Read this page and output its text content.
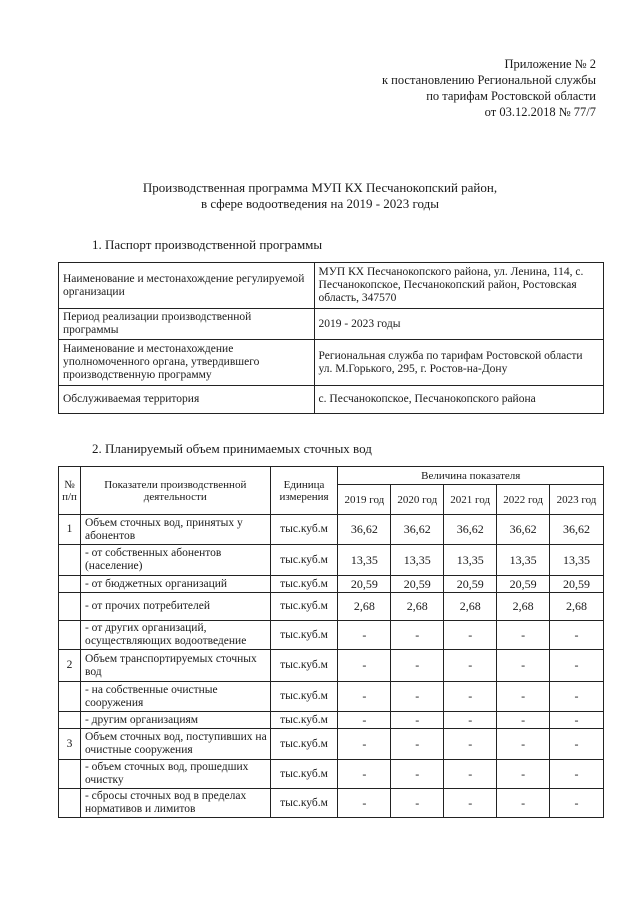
Приложение № 2
к постановлению Региональной службы
по тарифам Ростовской области
от 03.12.2018 № 77/7
Производственная программа МУП КХ Песчанокопский район,
в сфере водоотведения на 2019 - 2023 годы
1. Паспорт производственной программы
Наименование и местонахождение регулируемой организации	МУП КХ Песчанокопского района, ул. Ленина, 114, с. Песчанокопское, Песчанокопский район, Ростовская область, 347570
Период реализации производственной программы	2019 - 2023 годы
Наименование и местонахождение уполномоченного органа, утвердившего производственную программу	Региональная служба по тарифам Ростовской области ул. М.Горького, 295, г. Ростов-на-Дону
Обслуживаемая территория	с. Песчанокопское, Песчанокопского района
2. Планируемый объем принимаемых сточных вод
№ п/п	Показатели производственной деятельности	Единица измерения	Величина показателя				
			2019 год	2020 год	2021 год	2022 год	2023 год
1	Объем сточных вод, принятых у абонентов	тыс.куб.м	36,62	36,62	36,62	36,62	36,62
	- от собственных абонентов (население)	тыс.куб.м	13,35	13,35	13,35	13,35	13,35
	- от бюджетных организаций	тыс.куб.м	20,59	20,59	20,59	20,59	20,59
	- от прочих потребителей	тыс.куб.м	2,68	2,68	2,68	2,68	2,68
	- от других организаций, осуществляющих водоотведение	тыс.куб.м	-	-	-	-	-
2	Объем транспортируемых сточных вод	тыс.куб.м	-	-	-	-	-
	- на собственные очистные сооружения	тыс.куб.м	-	-	-	-	-
	- другим организациям	тыс.куб.м	-	-	-	-	-
3	Объем сточных вод, поступивших на очистные сооружения	тыс.куб.м	-	-	-	-	-
	- объем сточных вод, прошедших очистку	тыс.куб.м	-	-	-	-	-
	- сбросы сточных вод в пределах нормативов и лимитов	тыс.куб.м	-	-	-	-	-
